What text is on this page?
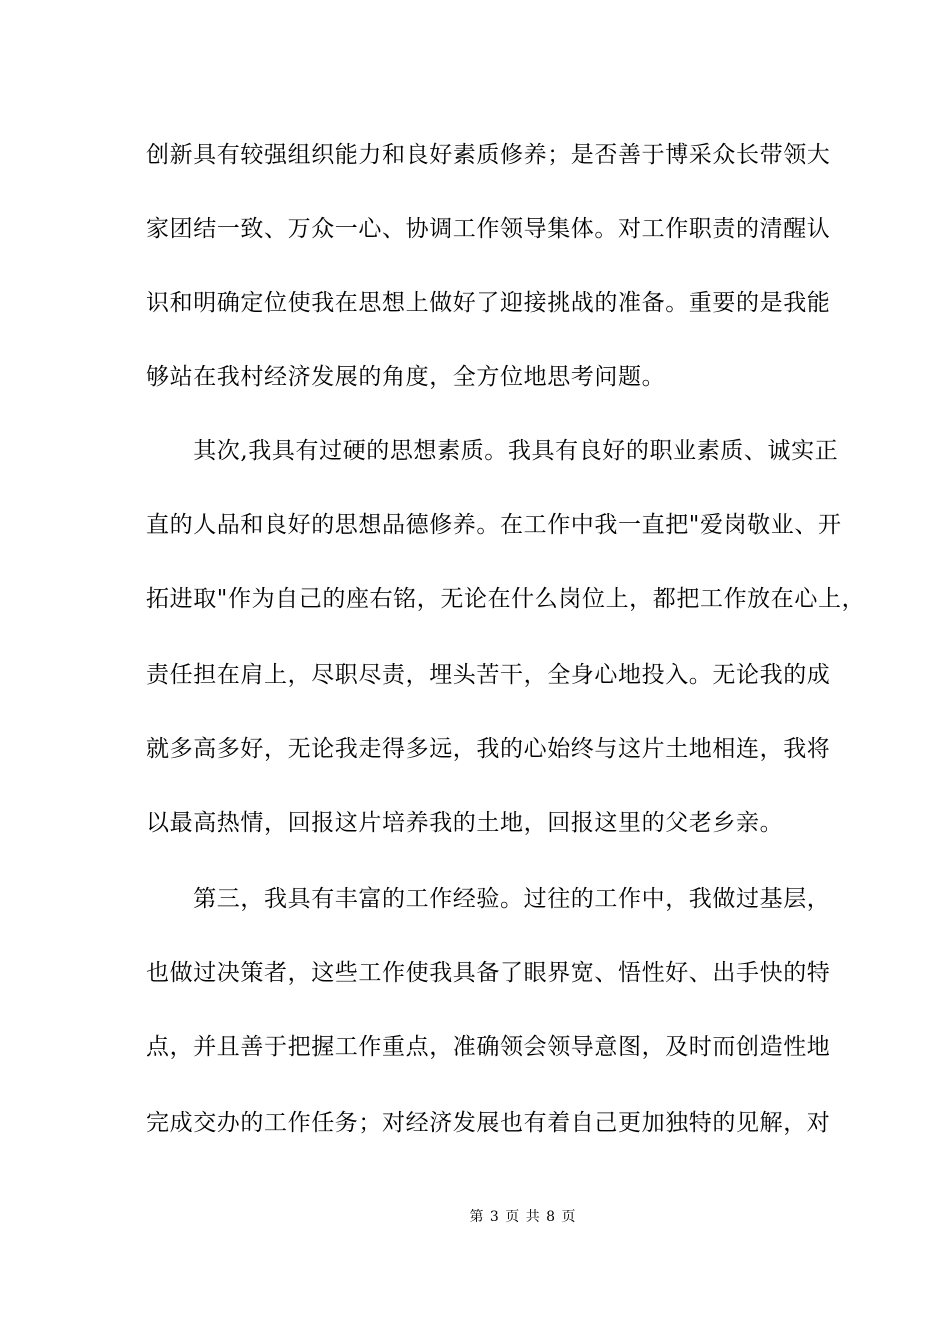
创新具有较强组织能力和良好素质修养；是否善于博采众长带领大
家团结一致、万众一心、协调工作领导集体。对工作职责的清醒认
识和明确定位使我在思想上做好了迎接挑战的准备。重要的是我能
够站在我村经济发展的角度，全方位地思考问题。
　　其次,我具有过硬的思想素质。我具有良好的职业素质、诚实正
直的人品和良好的思想品德修养。在工作中我一直把"爱岗敬业、开
拓进取"作为自己的座右铭，无论在什么岗位上，都把工作放在心上，
责任担在肩上，尽职尽责，埋头苦干，全身心地投入。无论我的成
就多高多好，无论我走得多远，我的心始终与这片土地相连，我将
以最高热情，回报这片培养我的土地，回报这里的父老乡亲。
　　第三，我具有丰富的工作经验。过往的工作中，我做过基层，
也做过决策者，这些工作使我具备了眼界宽、悟性好、出手快的特
点，并且善于把握工作重点，准确领会领导意图，及时而创造性地
完成交办的工作任务；对经济发展也有着自己更加独特的见解，对
第 3 页 共 8 页
